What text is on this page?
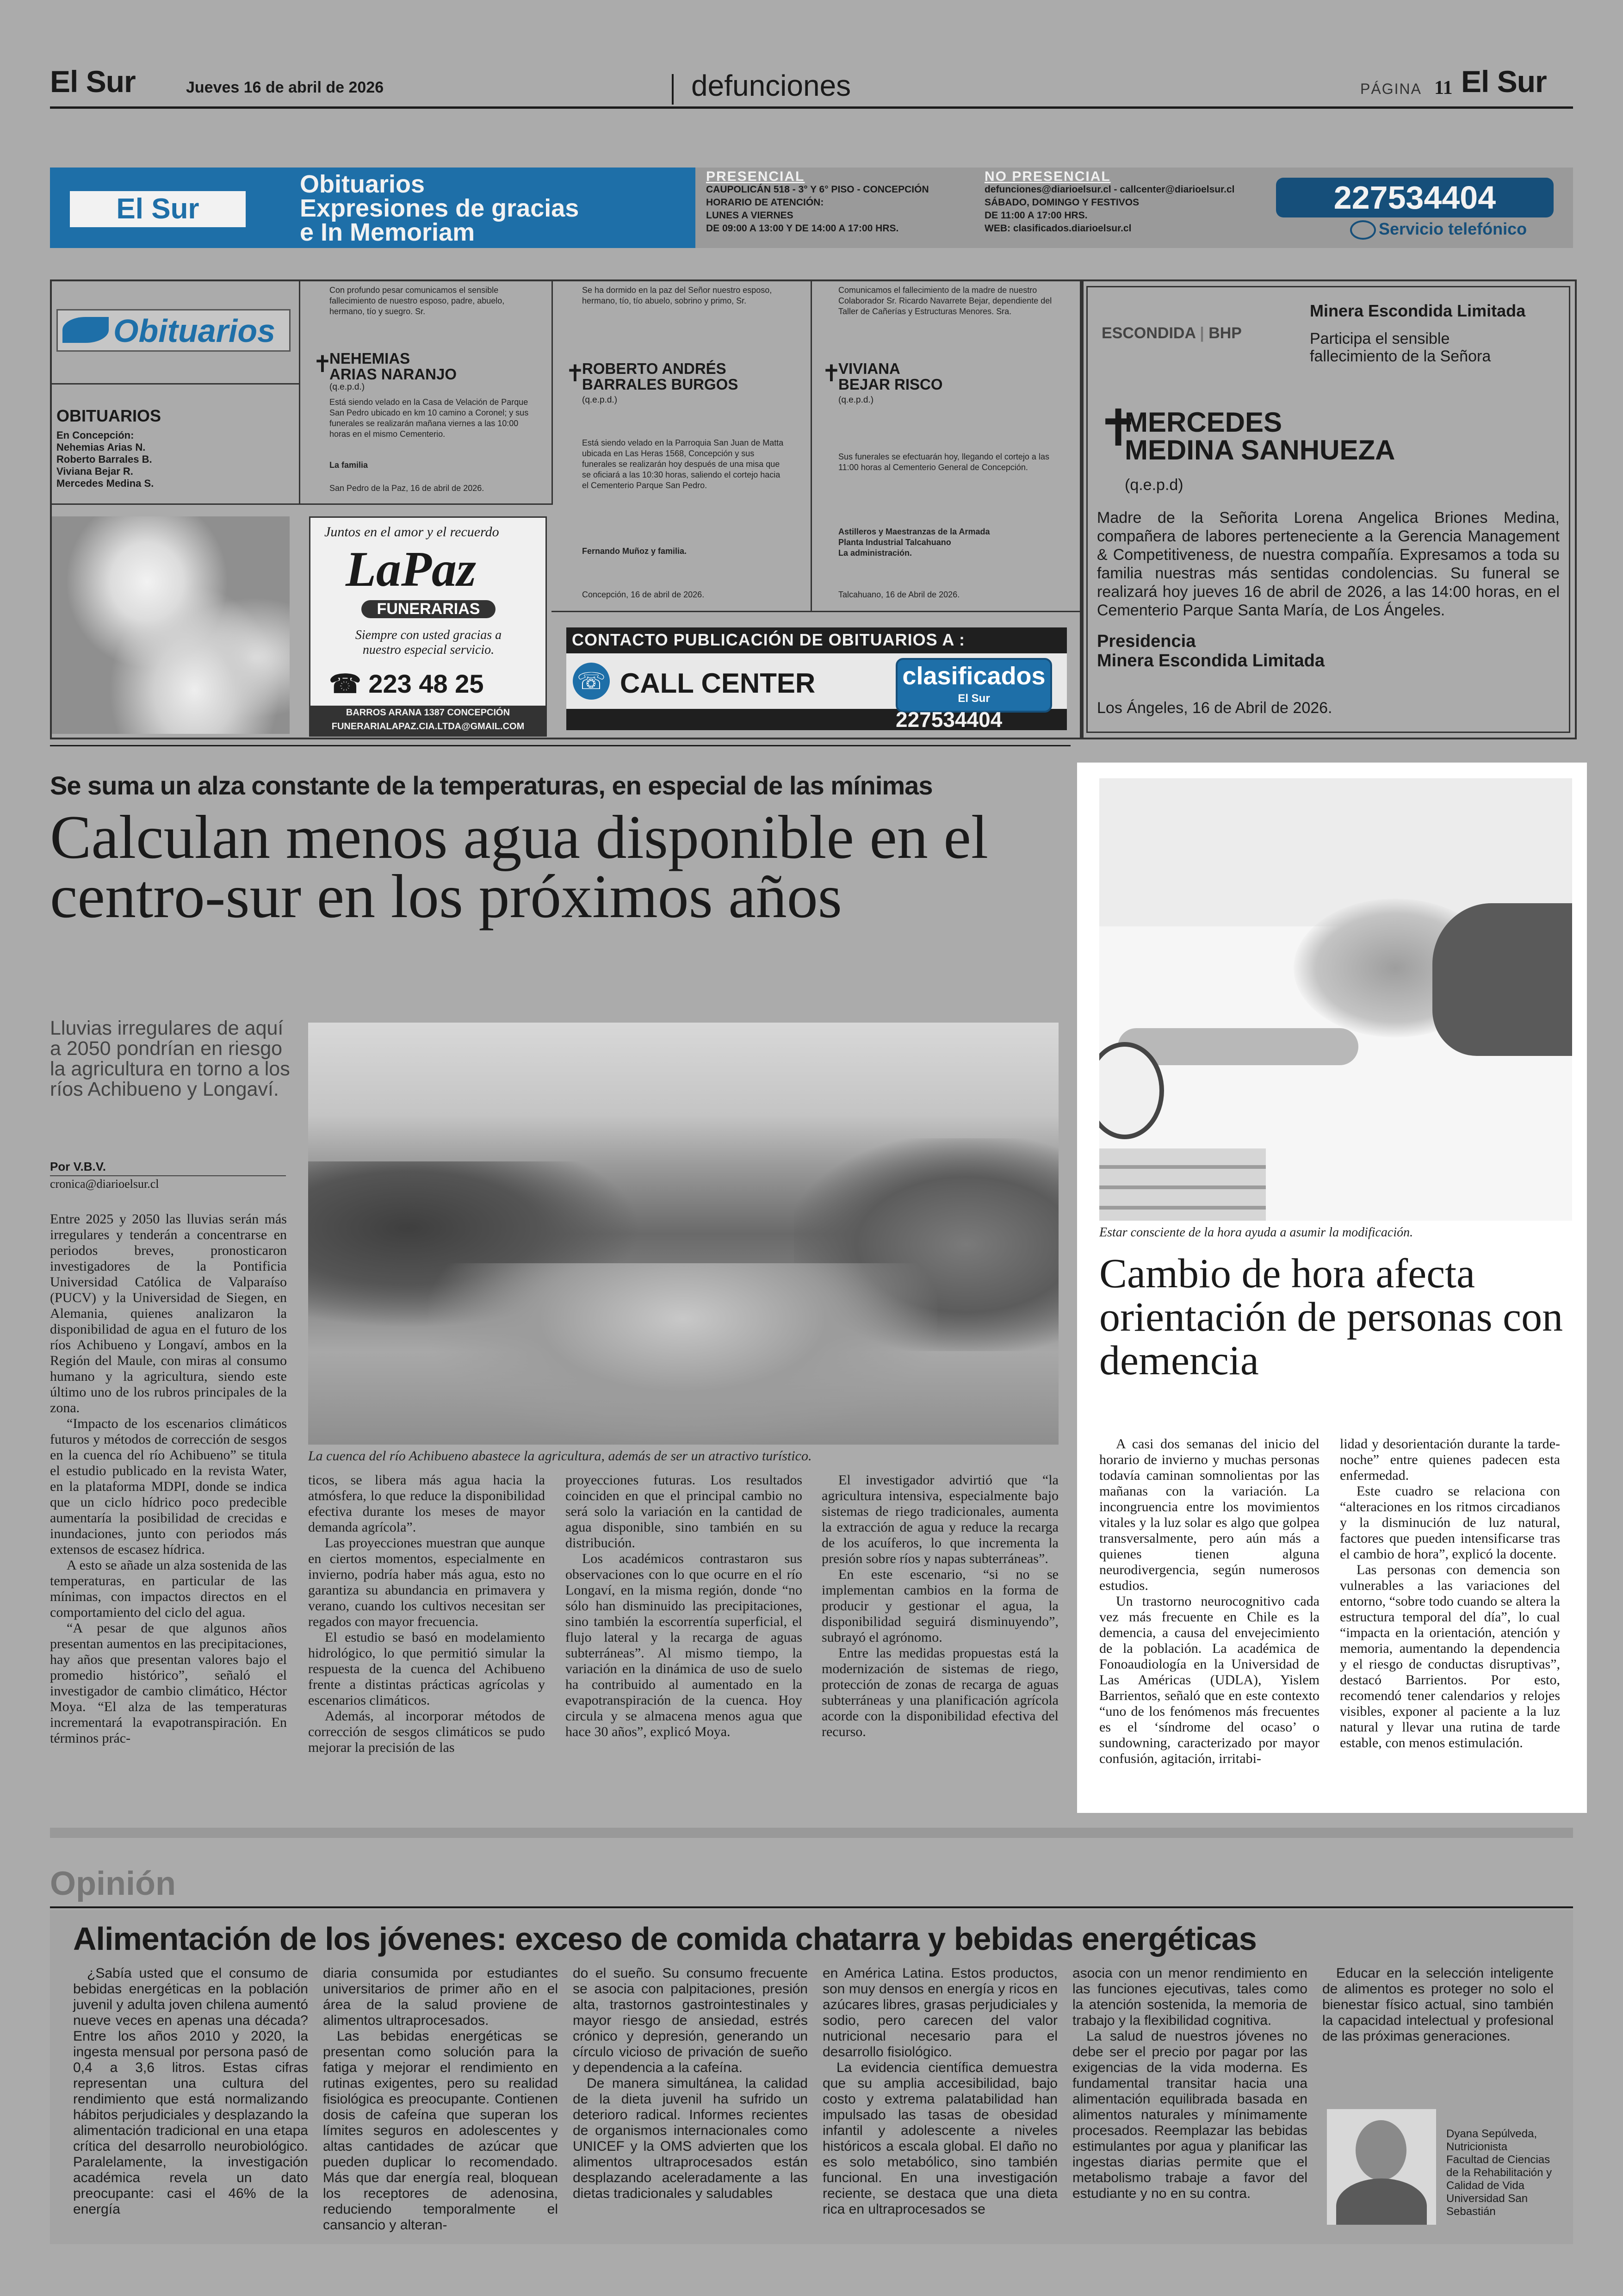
El Sur	Jueves 16 de abril de 2026	defunciones	PÁGINA 11 El Sur
El Sur
Obituarios
Expresiones de gracias
e In Memoriam
PRESENCIAL
CAUPOLICÁN 518 - 3° Y 6° PISO - CONCEPCIÓN
HORARIO DE ATENCIÓN:
LUNES A VIERNES
DE 09:00 A 13:00 Y DE 14:00 A 17:00 HRS.
NO PRESENCIAL
defunciones@diarioelsur.cl - callcenter@diarioelsur.cl
SÁBADO, DOMINGO Y FESTIVOS
DE 11:00 A 17:00 HRS.
WEB: clasificados.diarioelsur.cl
227534404
Servicio telefónico
Obituarios
OBITUARIOS
En Concepción:
Nehemias Arias N.
Roberto Barrales B.
Viviana Bejar R.
Mercedes Medina S.
Con profundo pesar comunicamos el sensible fallecimiento de nuestro esposo, padre, abuelo, hermano, tío y suegro. Sr.
✝
NEHEMIAS
ARIAS NARANJO
(q.e.p.d.)
Está siendo velado en la Casa de Velación de Parque San Pedro ubicado en km 10 camino a Coronel; y sus funerales se realizarán mañana viernes a las 10:00 horas en el mismo Cementerio.
La familia
San Pedro de la Paz, 16 de abril de 2026.
Juntos en el amor y el recuerdo
LaPaz
FUNERARIAS
Siempre con usted gracias a nuestro especial servicio.
☎ 223 48 25
BARROS ARANA 1387 CONCEPCIÓN
FUNERARIALAPAZ.CIA.LTDA@GMAIL.COM
Se ha dormido en la paz del Señor nuestro esposo, hermano, tío, tío abuelo, sobrino y primo, Sr.
✝
ROBERTO ANDRÉS
BARRALES BURGOS
(q.e.p.d.)
Está siendo velado en la Parroquia San Juan de Matta ubicada en Las Heras 1568, Concepción y sus funerales se realizarán hoy después de una misa que se oficiará a las 10:30 horas, saliendo el cortejo hacia el Cementerio Parque San Pedro.
Fernando Muñoz y familia.
Concepción, 16 de abril de 2026.
Comunicamos el fallecimiento de la madre de nuestro Colaborador Sr. Ricardo Navarrete Bejar, dependiente del Taller de Cañerías y Estructuras Menores. Sra.
✝
VIVIANA
BEJAR RISCO
(q.e.p.d.)
Sus funerales se efectuarán hoy, llegando el cortejo a las 11:00 horas al Cementerio General de Concepción.
Astilleros y Maestranzas de la Armada
Planta Industrial Talcahuano
La administración.
Talcahuano, 16 de Abril de 2026.
CONTACTO PUBLICACIÓN DE OBITUARIOS A :
☏ CALL CENTER	clasificados
El Sur
227534404
ESCONDIDA | BHP
Minera Escondida Limitada
Participa el sensible
fallecimiento de la Señora
✝
MERCEDES
MEDINA SANHUEZA
(q.e.p.d)
Madre de la Señorita Lorena Angelica Briones Medina, compañera de labores perteneciente a la Gerencia Management & Competitiveness, de nuestra compañía. Expresamos a toda su familia nuestras más sentidas condolencias. Su funeral se realizará hoy jueves 16 de abril de 2026, a las 14:00 horas, en el Cementerio Parque Santa María, de Los Ángeles.
Presidencia
Minera Escondida Limitada
Los Ángeles, 16 de Abril de 2026.
Se suma un alza constante de la temperaturas, en especial de las mínimas
Calculan menos agua disponible en el centro-sur en los próximos años
Lluvias irregulares de aquí a 2050 pondrían en riesgo la agricultura en torno a los ríos Achibueno y Longaví.
Por V.B.V.
cronica@diarioelsur.cl
La cuenca del río Achibueno abastece la agricultura, además de ser un atractivo turístico.

Entre 2025 y 2050 las lluvias serán más irregulares y tenderán a concentrarse en periodos breves, pronosticaron investigadores de la Pontificia Universidad Católica de Valparaíso (PUCV) y la Universidad de Siegen, en Alemania, quienes analizaron la disponibilidad de agua en el futuro de los ríos Achibueno y Longaví, ambos en la Región del Maule, con miras al consumo humano y la agricultura, siendo este último uno de los rubros principales de la zona.

“Impacto de los escenarios climáticos futuros y métodos de corrección de sesgos en la cuenca del río Achibueno” se titula el estudio publicado en la revista Water, en la plataforma MDPI, donde se indica que un ciclo hídrico poco predecible aumentaría la posibilidad de crecidas e inundaciones, junto con periodos más extensos de escasez hídrica.

A esto se añade un alza sostenida de las temperaturas, en particular de las mínimas, con impactos directos en el comportamiento del ciclo del agua.

“A pesar de que algunos años presentan aumentos en las precipitaciones, hay años que presentan valores bajo el promedio histórico”, señaló el investigador de cambio climático, Héctor Moya. “El alza de las temperaturas incrementará la evapotranspiración. En términos prác-

ticos, se libera más agua hacia la atmósfera, lo que reduce la disponibilidad efectiva durante los meses de mayor demanda agrícola”.

Las proyecciones muestran que aunque en ciertos momentos, especialmente en invierno, podría haber más agua, esto no garantiza su abundancia en primavera y verano, cuando los cultivos necesitan ser regados con mayor frecuencia.

El estudio se basó en modelamiento hidrológico, lo que permitió simular la respuesta de la cuenca del Achibueno frente a distintas prácticas agrícolas y escenarios climáticos.

Además, al incorporar métodos de corrección de sesgos climáticos se pudo mejorar la precisión de las

proyecciones futuras. Los resultados coinciden en que el principal cambio no será solo la variación en la cantidad de agua disponible, sino también en su distribución.

Los académicos contrastaron sus observaciones con lo que ocurre en el río Longaví, en la misma región, donde “no sólo han disminuido las precipitaciones, sino también la escorrentía superficial, el flujo lateral y la recarga de aguas subterráneas”. Al mismo tiempo, la variación en la dinámica de uso de suelo ha contribuido al aumentado en la evapotranspiración de la cuenca. Hoy circula y se almacena menos agua que hace 30 años”, explicó Moya.

El investigador advirtió que “la agricultura intensiva, especialmente bajo sistemas de riego tradicionales, aumenta la extracción de agua y reduce la recarga de los acuíferos, lo que incrementa la presión sobre ríos y napas subterráneas”.

En este escenario, “si no se implementan cambios en la forma de producir y gestionar el agua, la disponibilidad seguirá disminuyendo”, subrayó el agrónomo.

Entre las medidas propuestas está la modernización de sistemas de riego, protección de zonas de recarga de aguas subterráneas y una planificación agrícola acorde con la disponibilidad efectiva del recurso.

Estar consciente de la hora ayuda a asumir la modificación.
Cambio de hora afecta orientación de personas con demencia

A casi dos semanas del inicio del horario de invierno y muchas personas todavía caminan somnolientas por las mañanas con la variación. La incongruencia entre los movimientos vitales y la luz solar es algo que golpea transversalmente, pero aún más a quienes tienen alguna neurodivergencia, según numerosos estudios.

Un trastorno neurocognitivo cada vez más frecuente en Chile es la demencia, a causa del envejecimiento de la población. La académica de Fonoaudiología en la Universidad de Las Américas (UDLA), Yislem Barrientos, señaló que en este contexto “uno de los fenómenos más frecuentes es el ‘síndrome del ocaso’ o sundowning, caracterizado por mayor confusión, agitación, irritabi-

lidad y desorientación durante la tarde-noche” entre quienes padecen esta enfermedad.

Este cuadro se relaciona con “alteraciones en los ritmos circadianos y la disminución de luz natural, factores que pueden intensificarse tras el cambio de hora”, explicó la docente.

Las personas con demencia son vulnerables a las variaciones del entorno, “sobre todo cuando se altera la estructura temporal del día”, lo cual “impacta en la orientación, atención y memoria, aumentando la dependencia y el riesgo de conductas disruptivas”, destacó Barrientos. Por esto, recomendó tener calendarios y relojes visibles, exponer al paciente a la luz natural y llevar una rutina de tarde estable, con menos estimulación.

Opinión
Alimentación de los jóvenes: exceso de comida chatarra y bebidas energéticas

¿Sabía usted que el consumo de bebidas energéticas en la población juvenil y adulta joven chilena aumentó nueve veces en apenas una década? Entre los años 2010 y 2020, la ingesta mensual por persona pasó de 0,4 a 3,6 litros. Estas cifras representan una cultura del rendimiento que está normalizando hábitos perjudiciales y desplazando la alimentación tradicional en una etapa crítica del desarrollo neurobiológico. Paralelamente, la investigación académica revela un dato preocupante: casi el 46% de la energía

diaria consumida por estudiantes universitarios de primer año en el área de la salud proviene de alimentos ultraprocesados.

Las bebidas energéticas se presentan como solución para la fatiga y mejorar el rendimiento en rutinas exigentes, pero su realidad fisiológica es preocupante. Contienen dosis de cafeína que superan los límites seguros en adolescentes y altas cantidades de azúcar que pueden duplicar lo recomendado. Más que dar energía real, bloquean los receptores de adenosina, reduciendo temporalmente el cansancio y alteran-

do el sueño. Su consumo frecuente se asocia con palpitaciones, presión alta, trastornos gastrointestinales y mayor riesgo de ansiedad, estrés crónico y depresión, generando un círculo vicioso de privación de sueño y dependencia a la cafeína.

De manera simultánea, la calidad de la dieta juvenil ha sufrido un deterioro radical. Informes recientes de organismos internacionales como UNICEF y la OMS advierten que los alimentos ultraprocesados están desplazando aceleradamente a las dietas tradicionales y saludables

en América Latina. Estos productos, son muy densos en energía y ricos en azúcares libres, grasas perjudiciales y sodio, pero carecen del valor nutricional necesario para el desarrollo fisiológico.

La evidencia científica demuestra que su amplia accesibilidad, bajo costo y extrema palatabilidad han impulsado las tasas de obesidad infantil y adolescente a niveles históricos a escala global. El daño no es solo metabólico, sino también funcional. En una investigación reciente, se destaca que una dieta rica en ultraprocesados se

asocia con un menor rendimiento en las funciones ejecutivas, tales como la atención sostenida, la memoria de trabajo y la flexibilidad cognitiva.

La salud de nuestros jóvenes no debe ser el precio por pagar por las exigencias de la vida moderna. Es fundamental transitar hacia una alimentación equilibrada basada en alimentos naturales y mínimamente procesados. Reemplazar las bebidas estimulantes por agua y planificar las ingestas diarias permite que el metabolismo trabaje a favor del estudiante y no en su contra.

Educar en la selección inteligente de alimentos es proteger no solo el bienestar físico actual, sino también la capacidad intelectual y profesional de las próximas generaciones.

Dyana Sepúlveda,
Nutricionista
Facultad de Ciencias
de la Rehabilitación y
Calidad de Vida
Universidad San
Sebastián
